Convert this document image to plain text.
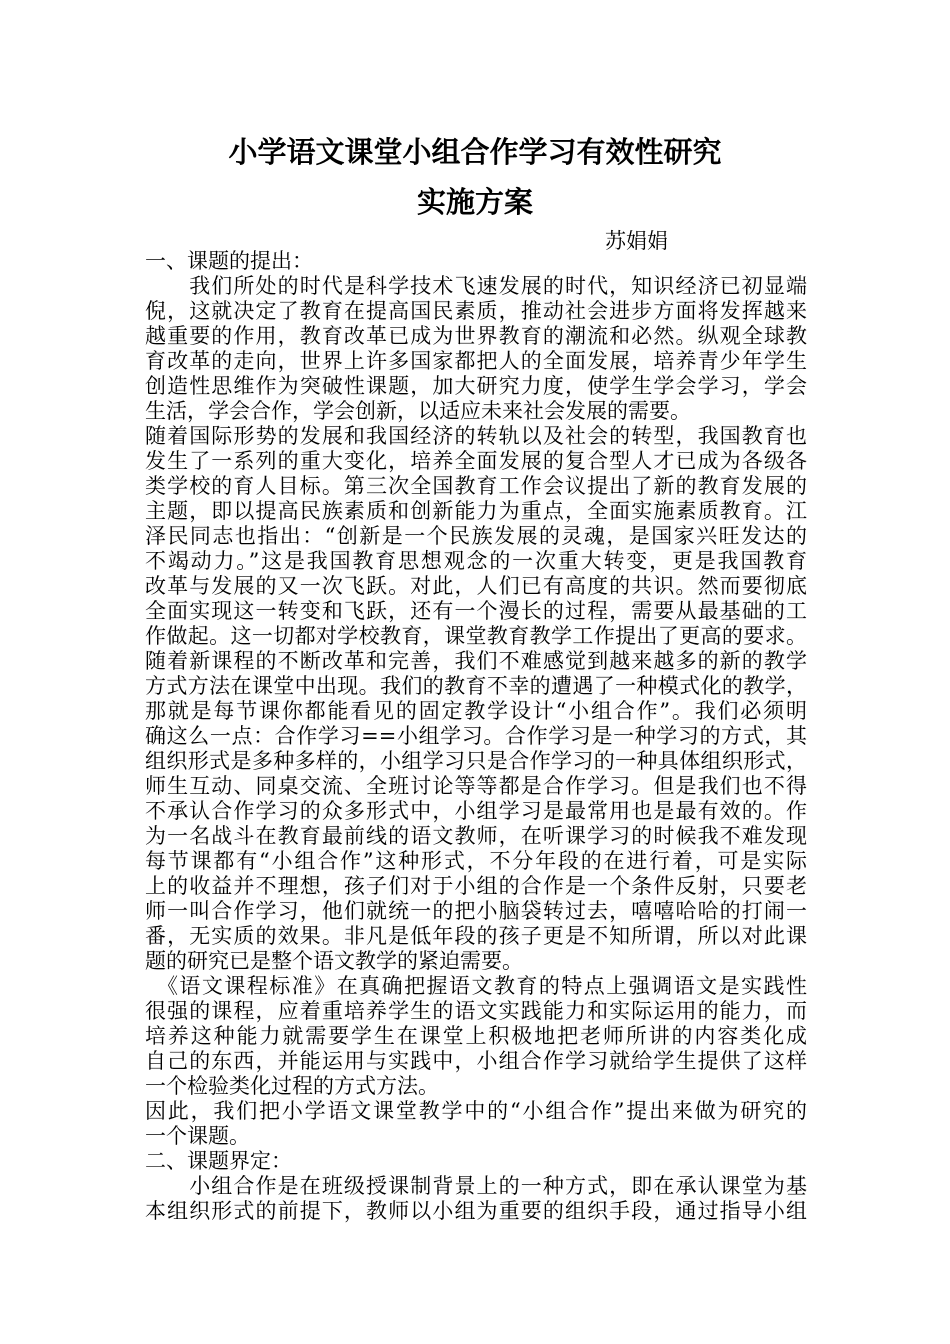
小学语文课堂小组合作学习有效性研究
实施方案

苏娟娟

一、课题的提出：

　　我们所处的时代是科学技术飞速发展的时代，知识经济已初显端

倪，这就决定了教育在提高国民素质，推动社会进步方面将发挥越来

越重要的作用，教育改革已成为世界教育的潮流和必然。纵观全球教

育改革的走向，世界上许多国家都把人的全面发展，培养青少年学生

创造性思维作为突破性课题，加大研究力度，使学生学会学习，学会

生活，学会合作，学会创新，以适应未来社会发展的需要。

随着国际形势的发展和我国经济的转轨以及社会的转型，我国教育也

发生了一系列的重大变化，培养全面发展的复合型人才已成为各级各

类学校的育人目标。第三次全国教育工作会议提出了新的教育发展的

主题，即以提高民族素质和创新能力为重点，全面实施素质教育。江

泽民同志也指出：“创新是一个民族发展的灵魂，是国家兴旺发达的

不竭动力。”这是我国教育思想观念的一次重大转变，更是我国教育

改革与发展的又一次飞跃。对此，人们已有高度的共识。然而要彻底

全面实现这一转变和飞跃，还有一个漫长的过程，需要从最基础的工

作做起。这一切都对学校教育，课堂教育教学工作提出了更高的要求。

随着新课程的不断改革和完善，我们不难感觉到越来越多的新的教学

方式方法在课堂中出现。我们的教育不幸的遭遇了一种模式化的教学，

那就是每节课你都能看见的固定教学设计“小组合作”。我们必须明

确这么一点：合作学习==小组学习。合作学习是一种学习的方式，其

组织形式是多种多样的，小组学习只是合作学习的一种具体组织形式，

师生互动、同桌交流、全班讨论等等都是合作学习。但是我们也不得

不承认合作学习的众多形式中，小组学习是最常用也是最有效的。作

为一名战斗在教育最前线的语文教师，在听课学习的时候我不难发现

每节课都有“小组合作”这种形式，不分年段的在进行着，可是实际

上的收益并不理想，孩子们对于小组的合作是一个条件反射，只要老

师一叫合作学习，他们就统一的把小脑袋转过去，嘻嘻哈哈的打闹一

番，无实质的效果。非凡是低年段的孩子更是不知所谓，所以对此课

题的研究已是整个语文教学的紧迫需要。

　《语文课程标准》在真确把握语文教育的特点上强调语文是实践性

很强的课程，应着重培养学生的语文实践能力和实际运用的能力，而

培养这种能力就需要学生在课堂上积极地把老师所讲的内容类化成

自己的东西，并能运用与实践中，小组合作学习就给学生提供了这样

一个检验类化过程的方式方法。

因此，我们把小学语文课堂教学中的“小组合作”提出来做为研究的

一个课题。

二、课题界定：

　　小组合作是在班级授课制背景上的一种方式，即在承认课堂为基

本组织形式的前提下，教师以小组为重要的组织手段，通过指导小组
